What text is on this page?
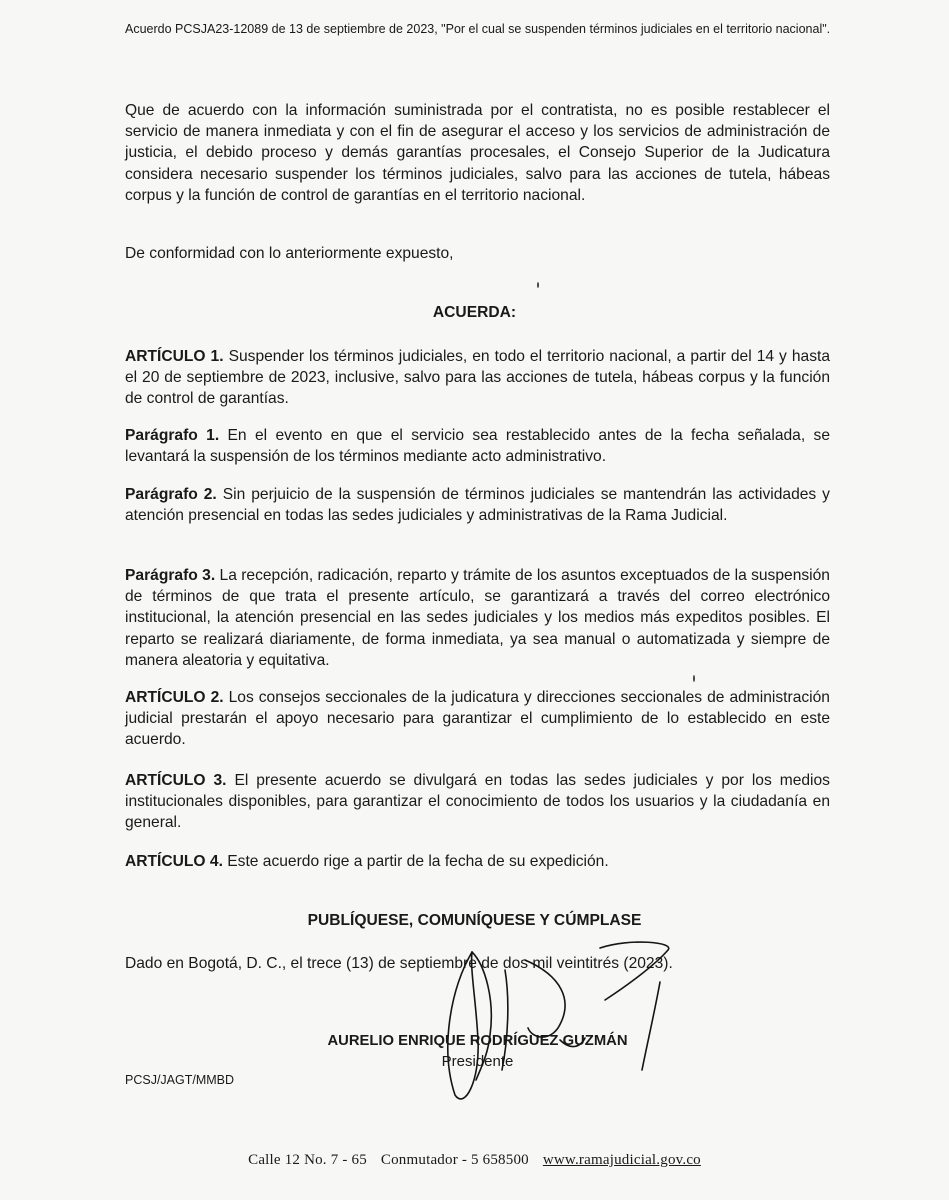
Acuerdo PCSJA23-12089 de 13 de septiembre de 2023, "Por el cual se suspenden términos judiciales en el territorio nacional".

Que de acuerdo con la información suministrada por el contratista, no es posible restablecer el servicio de manera inmediata y con el fin de asegurar el acceso y los servicios de administración de justicia, el debido proceso y demás garantías procesales, el Consejo Superior de la Judicatura considera necesario suspender los términos judiciales, salvo para las acciones de tutela, hábeas corpus y la función de control de garantías en el territorio nacional.

De conformidad con lo anteriormente expuesto,

ACUERDA:

ARTÍCULO 1. Suspender los términos judiciales, en todo el territorio nacional, a partir del 14 y hasta el 20 de septiembre de 2023, inclusive, salvo para las acciones de tutela, hábeas corpus y la función de control de garantías.

Parágrafo 1. En el evento en que el servicio sea restablecido antes de la fecha señalada, se levantará la suspensión de los términos mediante acto administrativo.

Parágrafo 2. Sin perjuicio de la suspensión de términos judiciales se mantendrán las actividades y atención presencial en todas las sedes judiciales y administrativas de la Rama Judicial.

Parágrafo 3. La recepción, radicación, reparto y trámite de los asuntos exceptuados de la suspensión de términos de que trata el presente artículo, se garantizará a través del correo electrónico institucional, la atención presencial en las sedes judiciales y los medios más expeditos posibles. El reparto se realizará diariamente, de forma inmediata, ya sea manual o automatizada y siempre de manera aleatoria y equitativa.

ARTÍCULO 2. Los consejos seccionales de la judicatura y direcciones seccionales de administración judicial prestarán el apoyo necesario para garantizar el cumplimiento de lo establecido en este acuerdo.

ARTÍCULO 3. El presente acuerdo se divulgará en todas las sedes judiciales y por los medios institucionales disponibles, para garantizar el conocimiento de todos los usuarios y la ciudadanía en general.

ARTÍCULO 4. Este acuerdo rige a partir de la fecha de su expedición.

PUBLÍQUESE, COMUNÍQUESE Y CÚMPLASE

Dado en Bogotá, D. C., el trece (13) de septiembre de dos mil veintitrés (2023).

AURELIO ENRIQUE RODRÍGUEZ GUZMÁN
Presidente
PCSJ/JAGT/MMBD
Calle 12 No. 7 - 65 Conmutador - 5 658500 www.ramajudicial.gov.co
